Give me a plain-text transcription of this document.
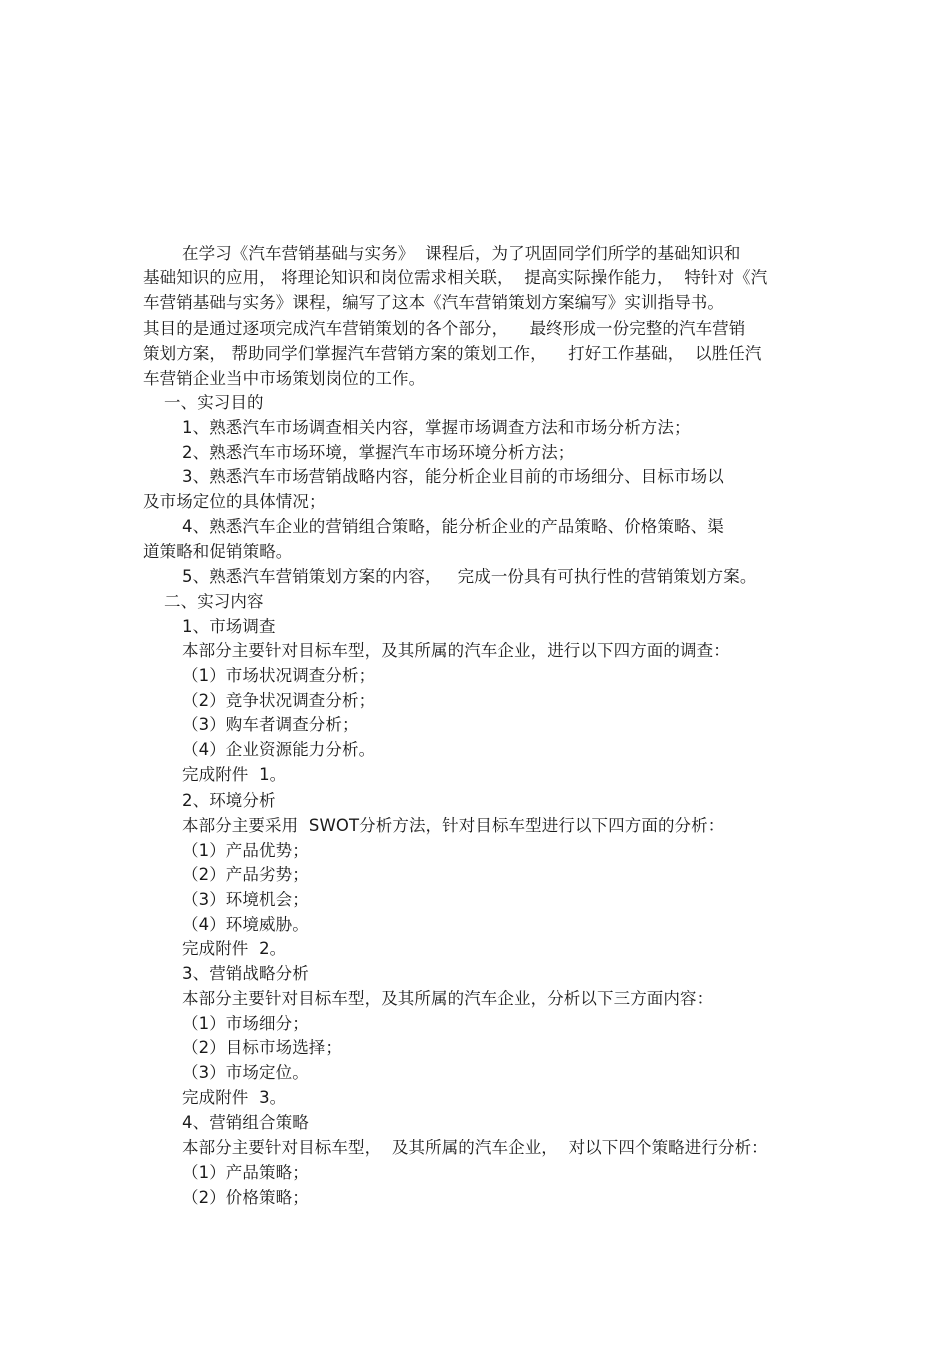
在学习《汽车营销基础与实务》  课程后，为了巩固同学们所学的基础知识和
基础知识的应用， 将理论知识和岗位需求相关联，  提高实际操作能力，  特针对《汽
车营销基础与实务》课程，编写了这本《汽车营销策划方案编写》实训指导书。
其目的是通过逐项完成汽车营销策划的各个部分，    最终形成一份完整的汽车营销
策划方案， 帮助同学们掌握汽车营销方案的策划工作，    打好工作基础，  以胜任汽
车营销企业当中市场策划岗位的工作。
一、实习目的
1、熟悉汽车市场调查相关内容，掌握市场调查方法和市场分析方法；
2、熟悉汽车市场环境，掌握汽车市场环境分析方法；
3、熟悉汽车市场营销战略内容，能分析企业目前的市场细分、目标市场以
及市场定位的具体情况；
4、熟悉汽车企业的营销组合策略，能分析企业的产品策略、价格策略、渠
道策略和促销策略。
5、熟悉汽车营销策划方案的内容，   完成一份具有可执行性的营销策划方案。
二、实习内容
1、市场调查
本部分主要针对目标车型，及其所属的汽车企业，进行以下四方面的调查：
（1）市场状况调查分析；
（2）竞争状况调查分析；
（3）购车者调查分析；
（4）企业资源能力分析。
完成附件  1。
2、环境分析
本部分主要采用  SWOT分析方法，针对目标车型进行以下四方面的分析：
（1）产品优势；
（2）产品劣势；
（3）环境机会；
（4）环境威胁。
完成附件  2。
3、营销战略分析
本部分主要针对目标车型，及其所属的汽车企业，分析以下三方面内容：
（1）市场细分；
（2）目标市场选择；
（3）市场定位。
完成附件  3。
4、营销组合策略
本部分主要针对目标车型，  及其所属的汽车企业，  对以下四个策略进行分析：
（1）产品策略；
（2）价格策略；
